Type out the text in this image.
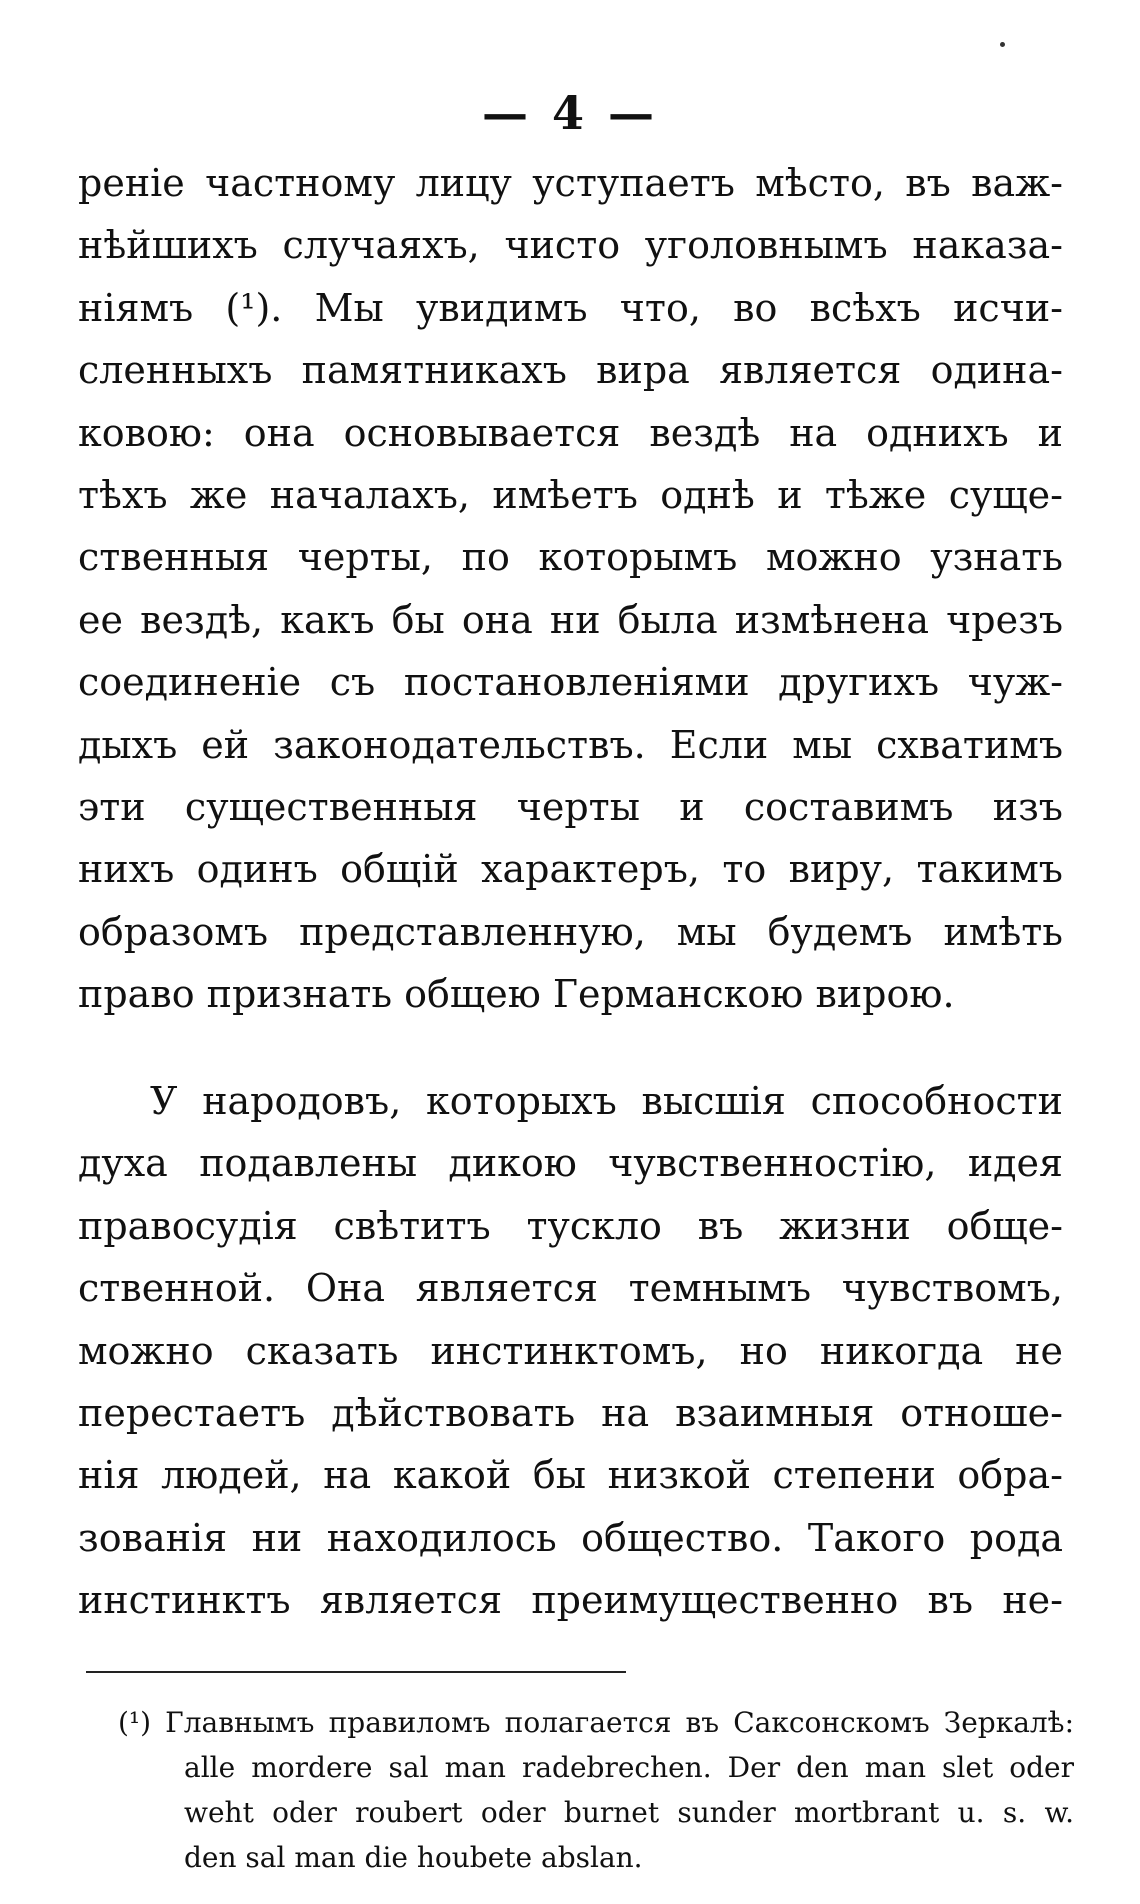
— 4 —
реніе частному лицу уступаетъ мѣсто, въ важ-
нѣйшихъ случаяхъ, чисто уголовнымъ наказа-
ніямъ (¹). Мы увидимъ что, во всѣхъ исчи-
сленныхъ памятникахъ вира является одина-
ковою: она основывается вездѣ на однихъ и
тѣхъ же началахъ, имѣетъ однѣ и тѣже суще-
ственныя черты, по которымъ можно узнать
ее вездѣ, какъ бы она ни была измѣнена чрезъ
соединеніе съ постановленіями другихъ чуж-
дыхъ ей законодательствъ. Если мы схватимъ
эти существенныя черты и составимъ изъ
нихъ одинъ общій характеръ, то виру, такимъ
образомъ представленную, мы будемъ имѣть
право признать общею Германскою вирою.
У народовъ, которыхъ высшія способности
духа подавлены дикою чувственностію, идея
правосудія свѣтитъ тускло въ жизни обще-
ственной. Она является темнымъ чувствомъ,
можно сказать инстинктомъ, но никогда не
перестаетъ дѣйствовать на взаимныя отноше-
нія людей, на какой бы низкой степени обра-
зованія ни находилось общество. Такого рода
инстинктъ является преимущественно въ не-
(¹) Главнымъ правиломъ полагается въ Саксонскомъ Зеркалѣ:
alle mordere sal man radebrechen. Der den man slet oder
weht oder roubert oder burnet sunder mortbrant u. s. w.
den sal man die houbete abslan.
